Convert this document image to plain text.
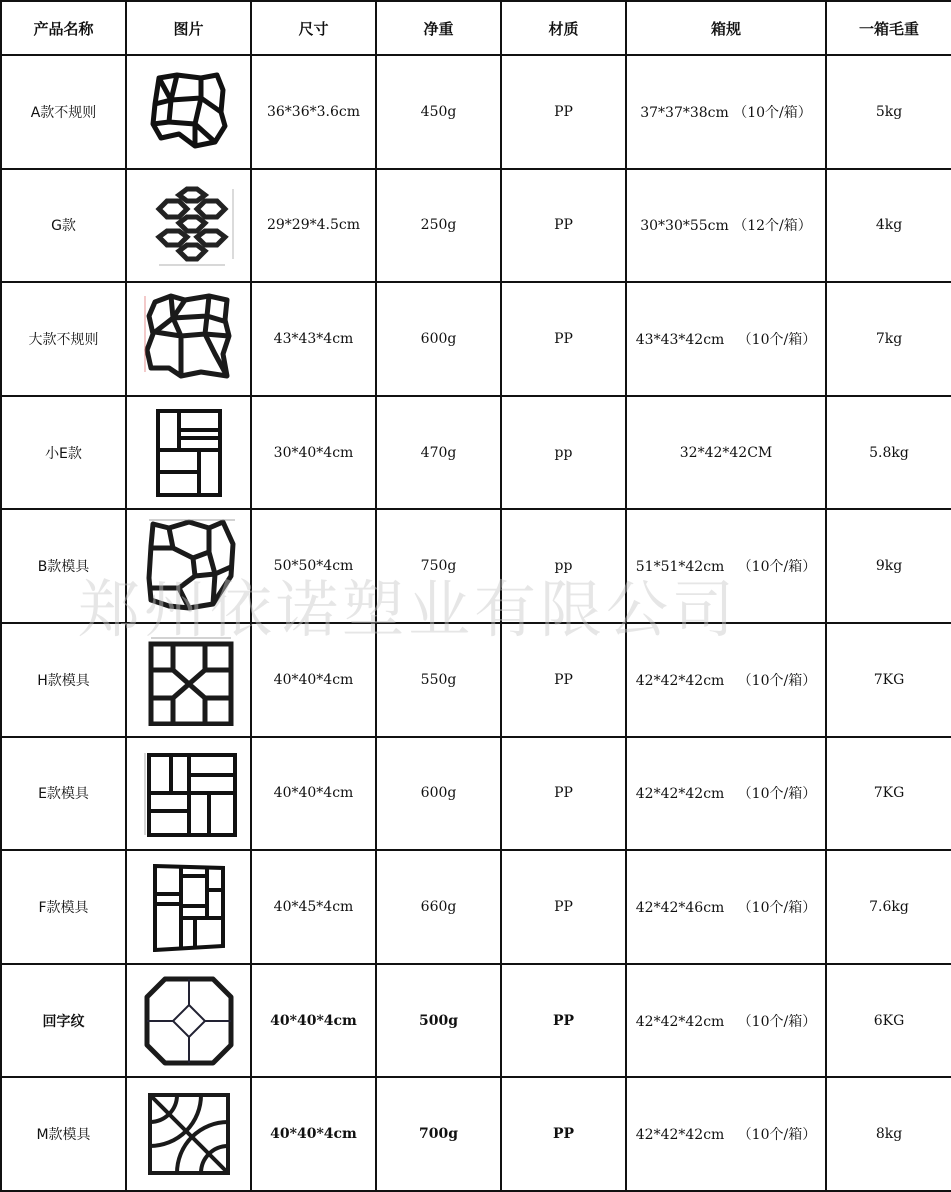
产品名称	图片	尺寸	净重	材质	箱规	一箱毛重
A款不规则		36*36*3.6cm	450g	PP	37*37*38cm （10个/箱）	5kg
G款		29*29*4.5cm	250g	PP	30*30*55cm （12个/箱）	4kg
大款不规则		43*43*4cm	600g	PP	43*43*42cm   （10个/箱）	7kg
小E款		30*40*4cm	470g	pp	32*42*42CM	5.8kg
B款模具		50*50*4cm	750g	pp	51*51*42cm   （10个/箱）	9kg
H款模具		40*40*4cm	550g	PP	42*42*42cm   （10个/箱）	7KG
E款模具		40*40*4cm	600g	PP	42*42*42cm   （10个/箱）	7KG
F款模具		40*45*4cm	660g	PP	42*42*46cm   （10个/箱）	7.6kg
回字纹		40*40*4cm	500g	PP	42*42*42cm   （10个/箱）	6KG
M款模具		40*40*4cm	700g	PP	42*42*42cm   （10个/箱）	8kg
郑州依诺塑业有限公司
